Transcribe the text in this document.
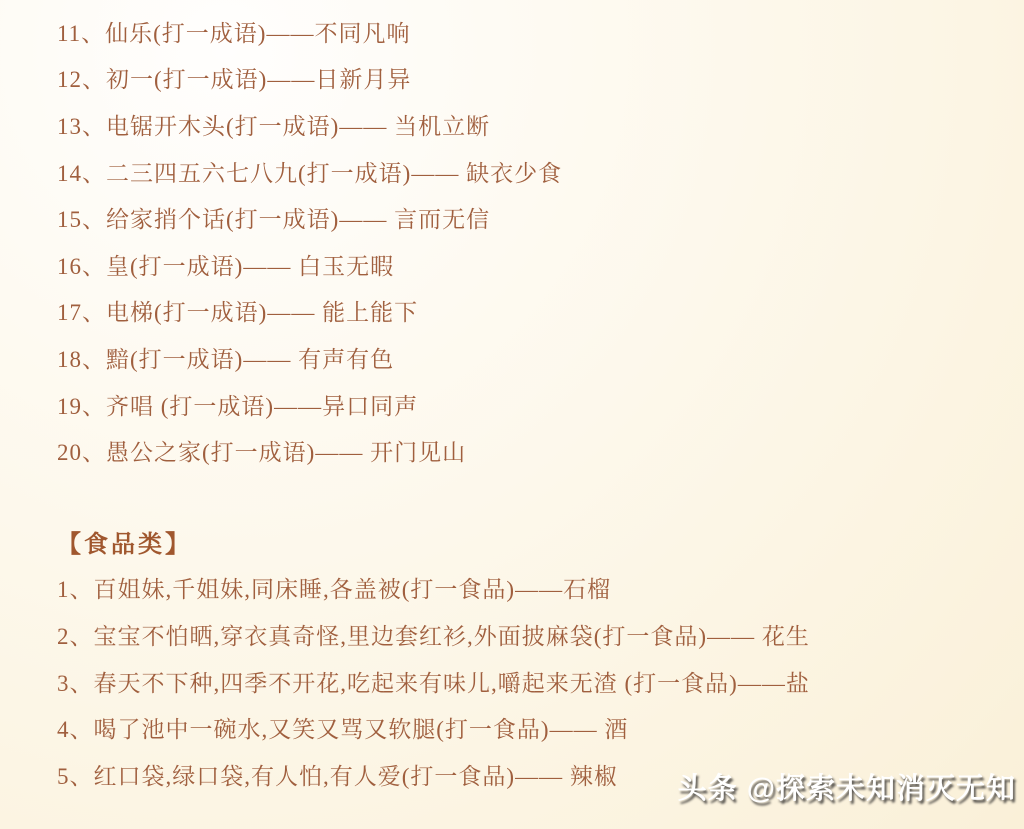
11、仙乐(打一成语)——不同凡响
12、初一(打一成语)——日新月异
13、电锯开木头(打一成语)—— 当机立断
14、二三四五六七八九(打一成语)—— 缺衣少食
15、给家捎个话(打一成语)—— 言而无信
16、皇(打一成语)—— 白玉无暇
17、电梯(打一成语)—— 能上能下
18、黯(打一成语)—— 有声有色
19、齐唱 (打一成语)——异口同声
20、愚公之家(打一成语)—— 开门见山
【食品类】
1、百姐妹,千姐妹,同床睡,各盖被(打一食品)——石榴
2、宝宝不怕晒,穿衣真奇怪,里边套红衫,外面披麻袋(打一食品)—— 花生
3、春天不下种,四季不开花,吃起来有味儿,嚼起来无渣 (打一食品)——盐
4、喝了池中一碗水,又笑又骂又软腿(打一食品)—— 酒
5、红口袋,绿口袋,有人怕,有人爱(打一食品)—— 辣椒	头条 @探索未知消灭无知
